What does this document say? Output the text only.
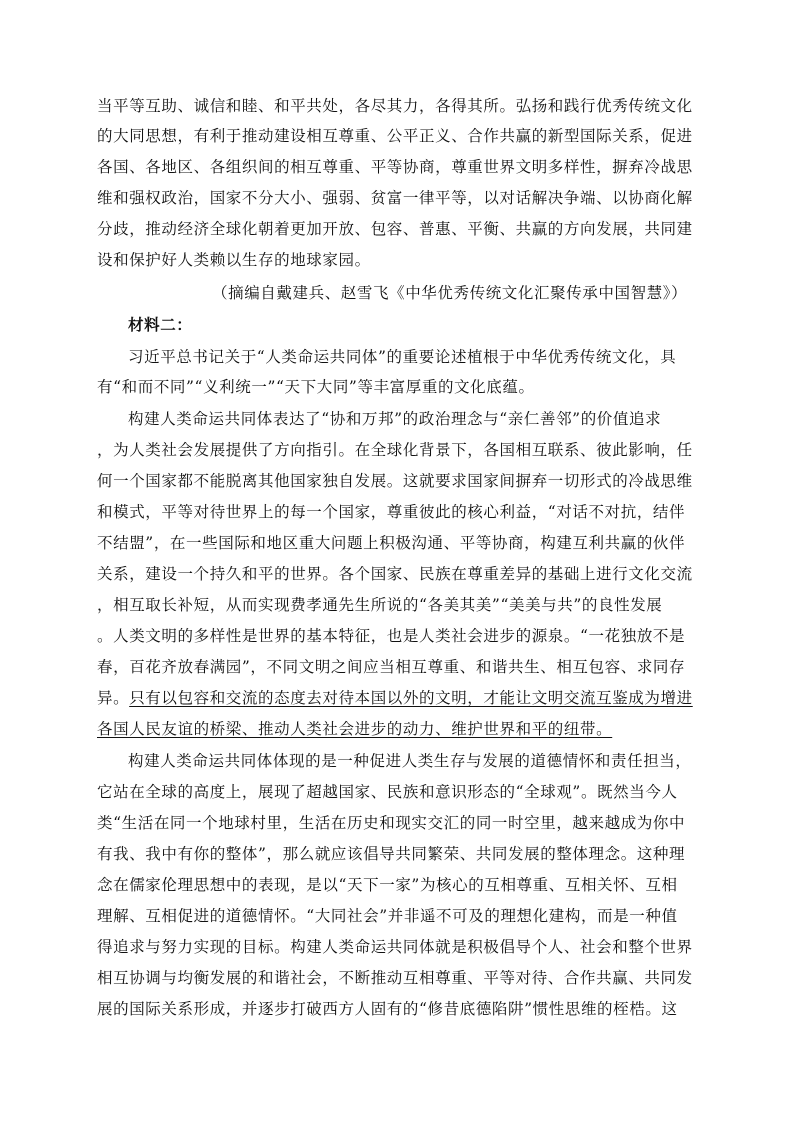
当平等互助、诚信和睦、和平共处，各尽其力，各得其所。弘扬和践行优秀传统文化
的大同思想，有利于推动建设相互尊重、公平正义、合作共赢的新型国际关系，促进
各国、各地区、各组织间的相互尊重、平等协商，尊重世界文明多样性，摒弃冷战思
维和强权政治，国家不分大小、强弱、贫富一律平等，以对话解决争端、以协商化解
分歧，推动经济全球化朝着更加开放、包容、普惠、平衡、共赢的方向发展，共同建
设和保护好人类赖以生存的地球家园。
（摘编自戴建兵、赵雪飞《中华优秀传统文化汇聚传承中国智慧》）
材料二：
习近平总书记关于“人类命运共同体”的重要论述植根于中华优秀传统文化，具
有“和而不同”“义利统一”“天下大同”等丰富厚重的文化底蕴。
构建人类命运共同体表达了“协和万邦”的政治理念与“亲仁善邻”的价值追求
，为人类社会发展提供了方向指引。在全球化背景下，各国相互联系、彼此影响，任
何一个国家都不能脱离其他国家独自发展。这就要求国家间摒弃一切形式的冷战思维
和模式，平等对待世界上的每一个国家，尊重彼此的核心利益，“对话不对抗，结伴
不结盟”，在一些国际和地区重大问题上积极沟通、平等协商，构建互利共赢的伙伴
关系，建设一个持久和平的世界。各个国家、民族在尊重差异的基础上进行文化交流
，相互取长补短，从而实现费孝通先生所说的“各美其美”“美美与共”的良性发展
。人类文明的多样性是世界的基本特征，也是人类社会进步的源泉。“一花独放不是
春，百花齐放春满园”，不同文明之间应当相互尊重、和谐共生、相互包容、求同存
异。只有以包容和交流的态度去对待本国以外的文明，才能让文明交流互鉴成为增进
各国人民友谊的桥梁、推动人类社会进步的动力、维护世界和平的纽带。
构建人类命运共同体体现的是一种促进人类生存与发展的道德情怀和责任担当，
它站在全球的高度上，展现了超越国家、民族和意识形态的“全球观”。既然当今人
类“生活在同一个地球村里，生活在历史和现实交汇的同一时空里，越来越成为你中
有我、我中有你的整体”，那么就应该倡导共同繁荣、共同发展的整体理念。这种理
念在儒家伦理思想中的表现，是以“天下一家”为核心的互相尊重、互相关怀、互相
理解、互相促进的道德情怀。“大同社会”并非遥不可及的理想化建构，而是一种值
得追求与努力实现的目标。构建人类命运共同体就是积极倡导个人、社会和整个世界
相互协调与均衡发展的和谐社会，不断推动互相尊重、平等对待、合作共赢、共同发
展的国际关系形成，并逐步打破西方人固有的“修昔底德陷阱”惯性思维的桎梏。这
